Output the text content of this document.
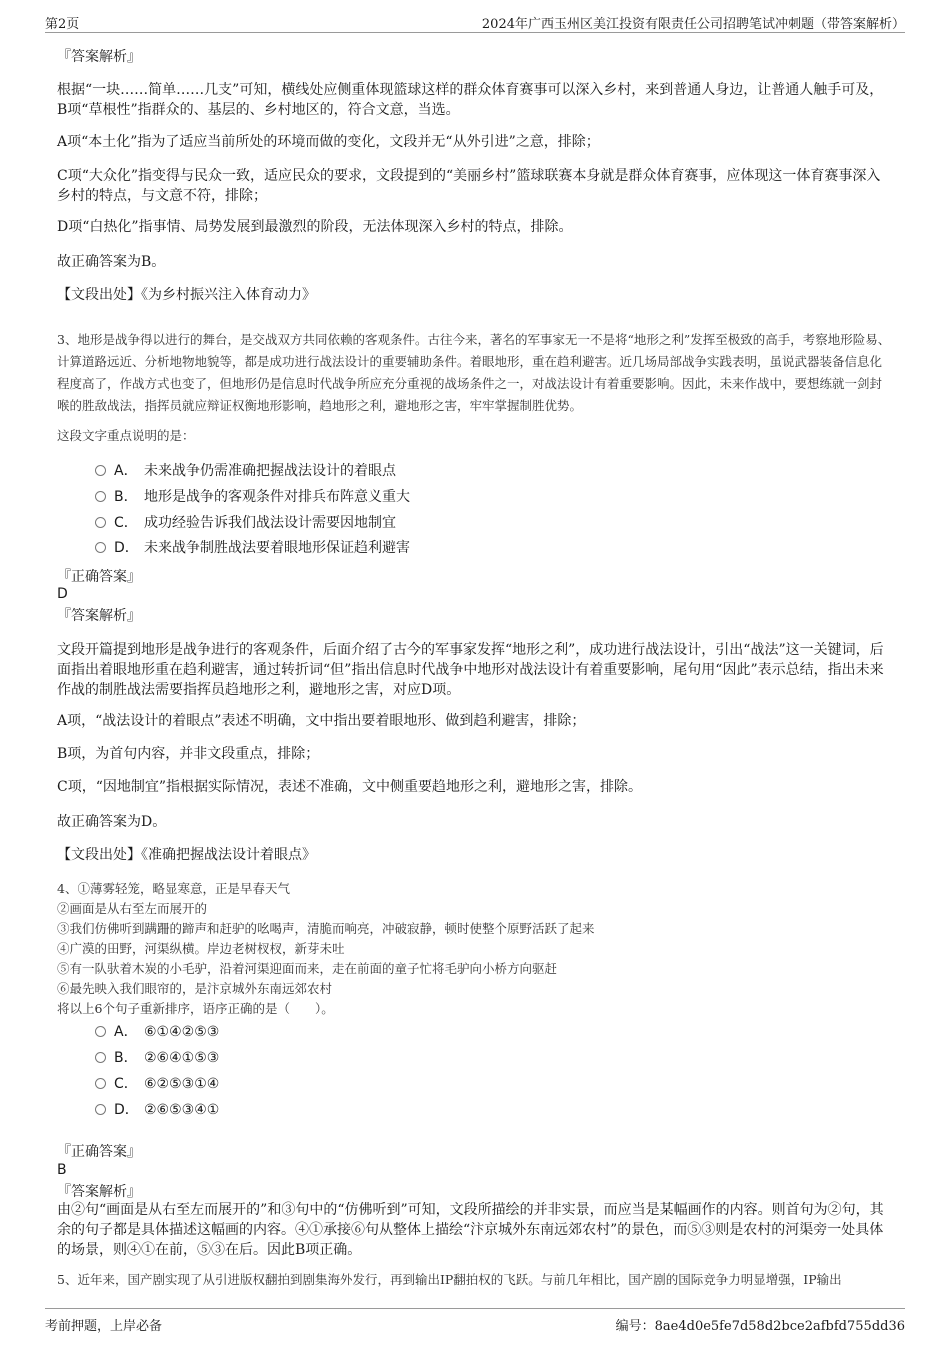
第2页	2024年广西玉州区美江投资有限责任公司招聘笔试冲刺题（带答案解析）
『答案解析』
根据“一块……简单……几支”可知，横线处应侧重体现篮球这样的群众体育赛事可以深入乡村，来到普通人身边，让普通人触手可及，B项“草根性”指群众的、基层的、乡村地区的，符合文意，当选。
A项“本土化”指为了适应当前所处的环境而做的变化，文段并无“从外引进”之意，排除；
C项“大众化”指变得与民众一致，适应民众的要求，文段提到的“美丽乡村”篮球联赛本身就是群众体育赛事，应体现这一体育赛事深入乡村的特点，与文意不符，排除；
D项“白热化”指事情、局势发展到最激烈的阶段，无法体现深入乡村的特点，排除。
故正确答案为B。
【文段出处】《为乡村振兴注入体育动力》
3、地形是战争得以进行的舞台，是交战双方共同依赖的客观条件。古往今来，著名的军事家无一不是将“地形之利”发挥至极致的高手，考察地形险易、计算道路远近、分析地物地貌等，都是成功进行战法设计的重要辅助条件。着眼地形，重在趋利避害。近几场局部战争实践表明，虽说武器装备信息化程度高了，作战方式也变了，但地形仍是信息时代战争所应充分重视的战场条件之一，对战法设计有着重要影响。因此，未来作战中，要想练就一剑封喉的胜敌战法，指挥员就应辩证权衡地形影响，趋地形之利，避地形之害，牢牢掌握制胜优势。
这段文字重点说明的是：
A． 未来战争仍需准确把握战法设计的着眼点
B． 地形是战争的客观条件对排兵布阵意义重大
C． 成功经验告诉我们战法设计需要因地制宜
D． 未来战争制胜战法要着眼地形保证趋利避害
『正确答案』
D
『答案解析』
文段开篇提到地形是战争进行的客观条件，后面介绍了古今的军事家发挥“地形之利”，成功进行战法设计，引出“战法”这一关键词，后面指出着眼地形重在趋利避害，通过转折词“但”指出信息时代战争中地形对战法设计有着重要影响，尾句用“因此”表示总结，指出未来作战的制胜战法需要指挥员趋地形之利，避地形之害，对应D项。
A项，“战法设计的着眼点”表述不明确，文中指出要着眼地形、做到趋利避害，排除；
B项，为首句内容，并非文段重点，排除；
C项，“因地制宜”指根据实际情况，表述不准确，文中侧重要趋地形之利，避地形之害，排除。
故正确答案为D。
【文段出处】《准确把握战法设计着眼点》
4、①薄雾轻笼，略显寒意，正是早春天气
②画面是从右至左而展开的
③我们仿佛听到蹒跚的蹄声和赶驴的吆喝声，清脆而响亮，冲破寂静，顿时使整个原野活跃了起来
④广漠的田野，河渠纵横。岸边老树杈杈，新芽未吐
⑤有一队驮着木炭的小毛驴，沿着河渠迎面而来，走在前面的童子忙将毛驴向小桥方向驱赶
⑥最先映入我们眼帘的，是汴京城外东南远郊农村
将以上6个句子重新排序，语序正确的是（　　）。
A． ⑥①④②⑤③
B． ②⑥④①⑤③
C． ⑥②⑤③①④
D． ②⑥⑤③④①
『正确答案』
B
『答案解析』
由②句“画面是从右至左而展开的”和③句中的“仿佛听到”可知，文段所描绘的并非实景，而应当是某幅画作的内容。则首句为②句，其余的句子都是具体描述这幅画的内容。④①承接⑥句从整体上描绘“汴京城外东南远郊农村”的景色，而⑤③则是农村的河渠旁一处具体的场景，则④①在前，⑤③在后。因此B项正确。
5、近年来，国产剧实现了从引进版权翻拍到剧集海外发行，再到输出IP翻拍权的飞跃。与前几年相比，国产剧的国际竞争力明显增强，IP输出
考前押题，上岸必备	编号：8ae4d0e5fe7d58d2bce2afbfd755dd36
